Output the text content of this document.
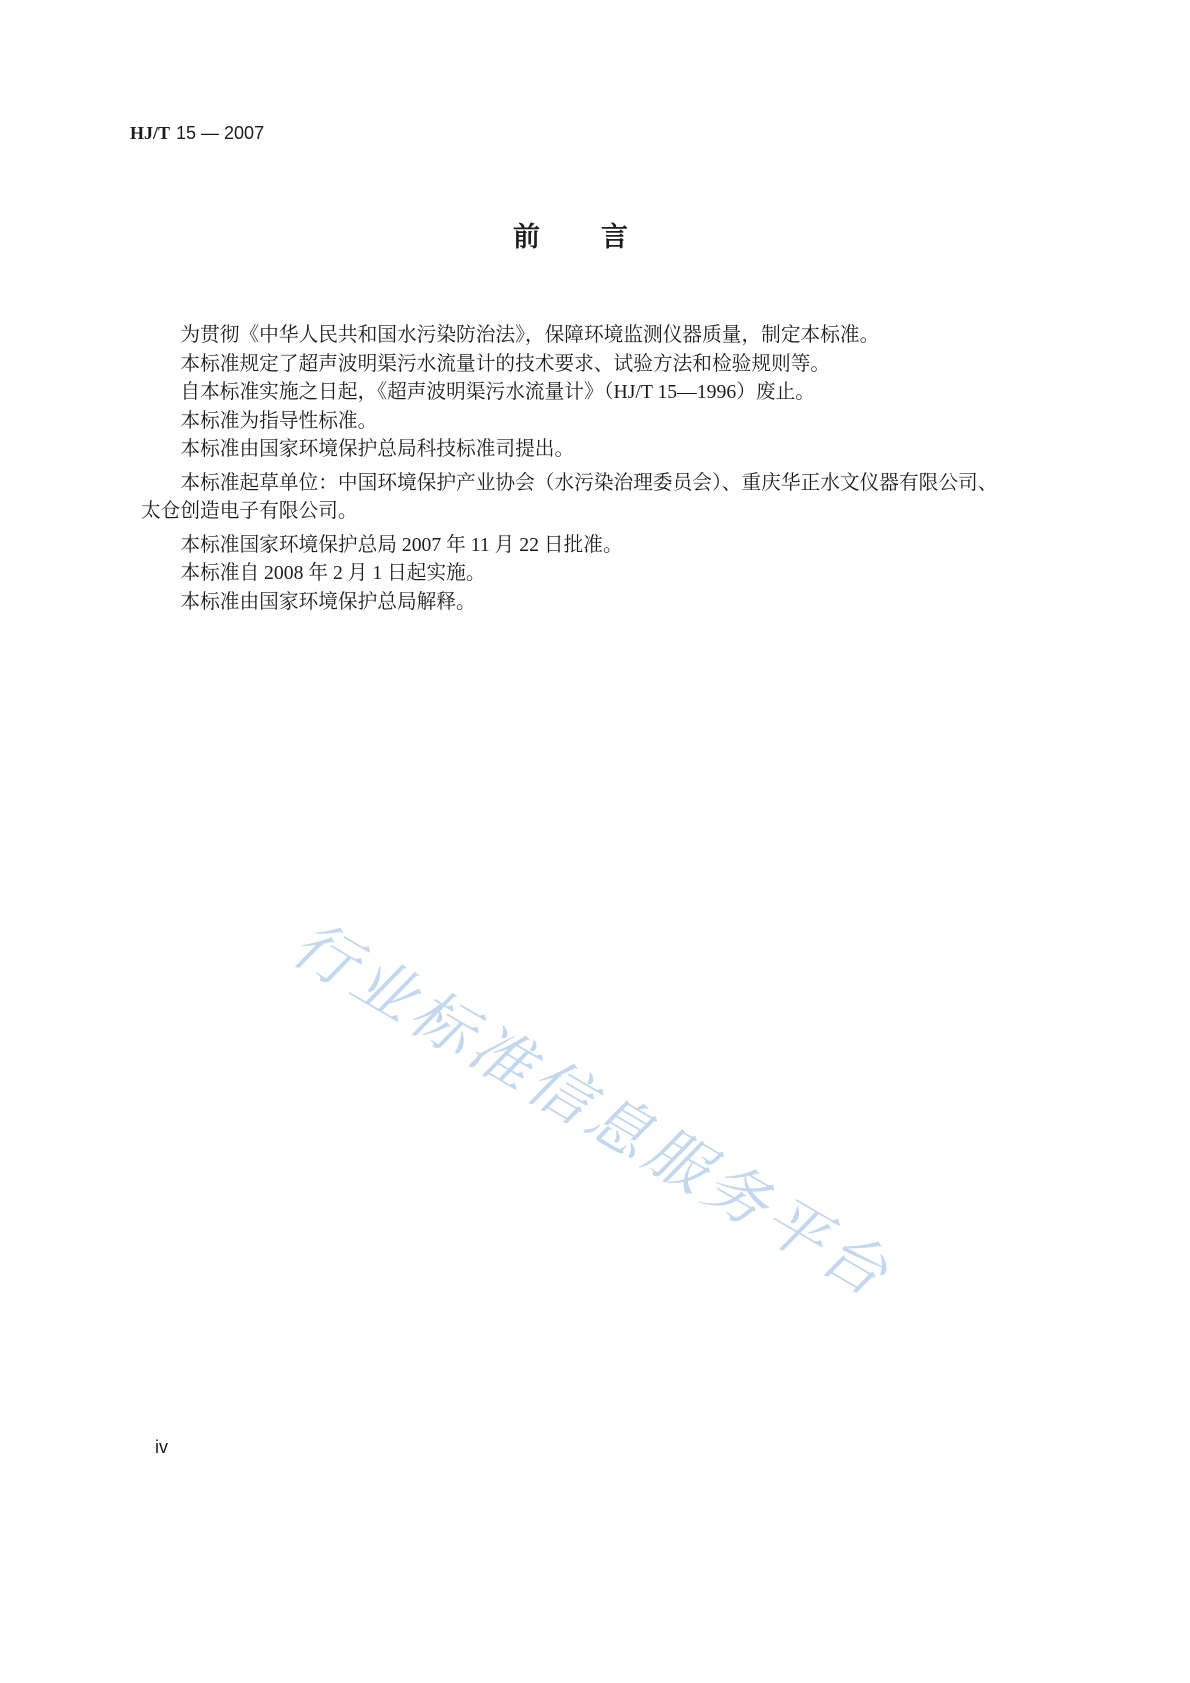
HJ/T 15 — 2007
前言

为贯彻《中华人民共和国水污染防治法》，保障环境监测仪器质量，制定本标准。

本标准规定了超声波明渠污水流量计的技术要求、试验方法和检验规则等。

自本标准实施之日起，《超声波明渠污水流量计》（HJ/T 15—1996）废止。

本标准为指导性标准。

本标准由国家环境保护总局科技标准司提出。

本标准起草单位：中国环境保护产业协会（水污染治理委员会）、重庆华正水文仪器有限公司、
太仓创造电子有限公司。

本标准国家环境保护总局 2007 年 11 月 22 日批准。

本标准自 2008 年 2 月 1 日起实施。

本标准由国家环境保护总局解释。

行业标准信息服务平台
iv
